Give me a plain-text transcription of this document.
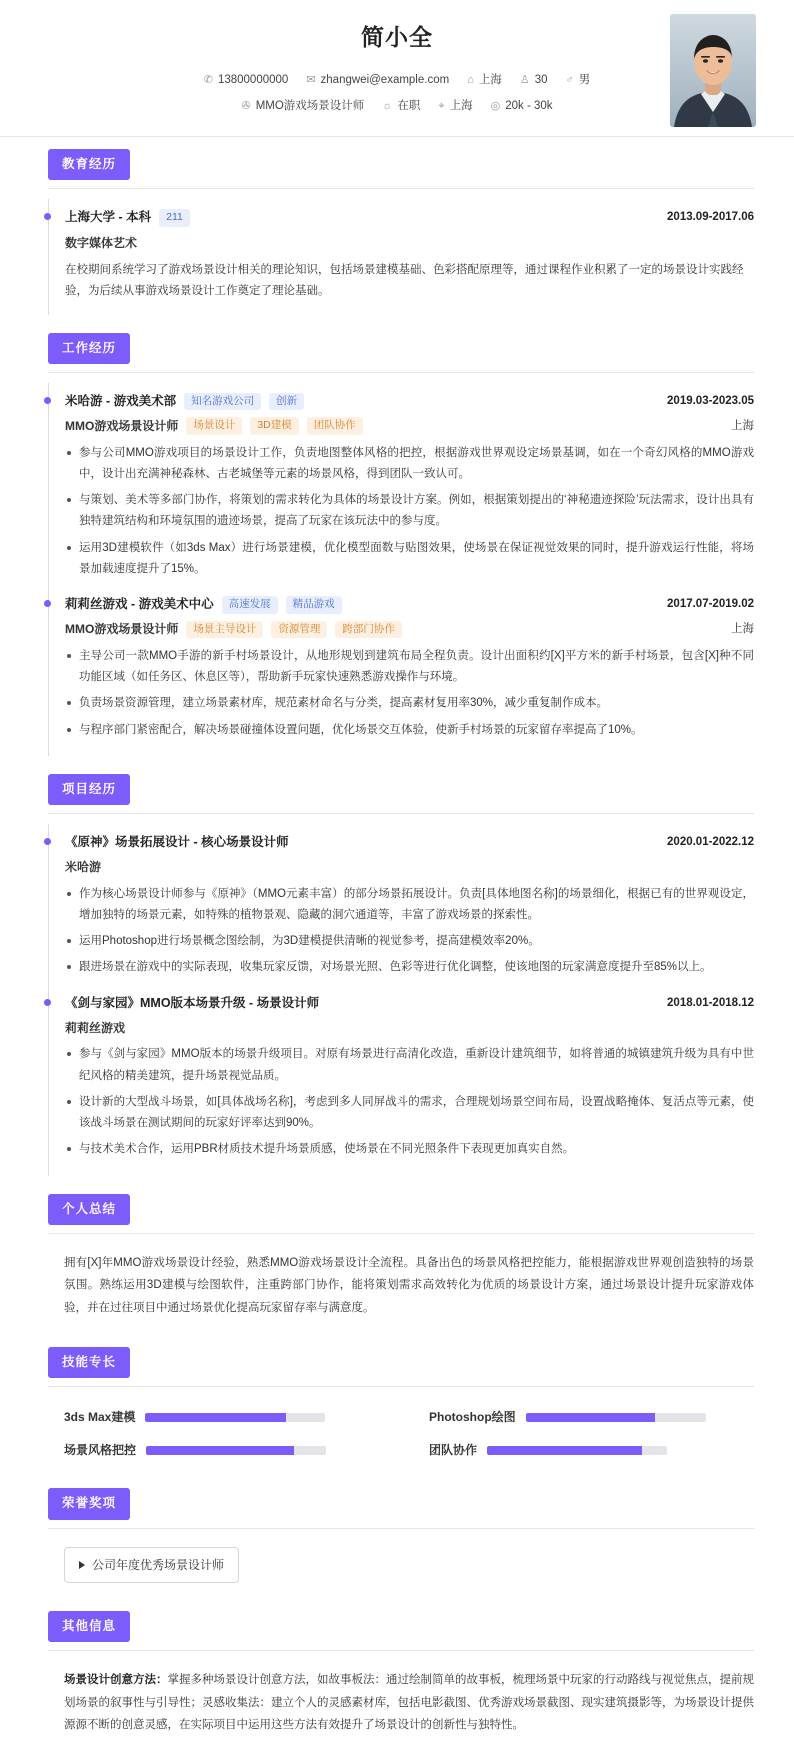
简小全
✆ 13800000000 ✉ zhangwei@example.com ⌂ 上海 ♙ 30 ♂ 男
✇ MMO游戏场景设计师 ☼ 在职 ⌖ 上海 ◎ 20k - 30k
教育经历
上海大学 - 本科	211	2013.09-2017.06
数字媒体艺术
在校期间系统学习了游戏场景设计相关的理论知识，包括场景建模基础、色彩搭配原理等，通过课程作业积累了一定的场景设计实践经验，为后续从事游戏场景设计工作奠定了理论基础。
工作经历
米哈游 - 游戏美术部	知名游戏公司	创新	2019.03-2023.05
MMO游戏场景设计师	场景设计	3D建模	团队协作	上海
参与公司MMO游戏项目的场景设计工作，负责地图整体风格的把控，根据游戏世界观设定场景基调，如在一个奇幻风格的MMO游戏中，设计出充满神秘森林、古老城堡等元素的场景风格，得到团队一致认可。
与策划、美术等多部门协作，将策划的需求转化为具体的场景设计方案。例如，根据策划提出的‘神秘遗迹探险’玩法需求，设计出具有独特建筑结构和环境氛围的遗迹场景，提高了玩家在该玩法中的参与度。
运用3D建模软件（如3ds Max）进行场景建模，优化模型面数与贴图效果，使场景在保证视觉效果的同时，提升游戏运行性能，将场景加载速度提升了15%。
莉莉丝游戏 - 游戏美术中心	高速发展	精品游戏	2017.07-2019.02
MMO游戏场景设计师	场景主导设计	资源管理	跨部门协作	上海
主导公司一款MMO手游的新手村场景设计，从地形规划到建筑布局全程负责。设计出面积约[X]平方米的新手村场景，包含[X]种不同功能区域（如任务区、休息区等），帮助新手玩家快速熟悉游戏操作与环境。
负责场景资源管理，建立场景素材库，规范素材命名与分类，提高素材复用率30%，减少重复制作成本。
与程序部门紧密配合，解决场景碰撞体设置问题，优化场景交互体验，使新手村场景的玩家留存率提高了10%。
项目经历
《原神》场景拓展设计 - 核心场景设计师	2020.01-2022.12
米哈游
作为核心场景设计师参与《原神》（MMO元素丰富）的部分场景拓展设计。负责[具体地图名称]的场景细化，根据已有的世界观设定，增加独特的场景元素，如特殊的植物景观、隐藏的洞穴通道等，丰富了游戏场景的探索性。
运用Photoshop进行场景概念图绘制，为3D建模提供清晰的视觉参考，提高建模效率20%。
跟进场景在游戏中的实际表现，收集玩家反馈，对场景光照、色彩等进行优化调整，使该地图的玩家满意度提升至85%以上。
《剑与家园》MMO版本场景升级 - 场景设计师	2018.01-2018.12
莉莉丝游戏
参与《剑与家园》MMO版本的场景升级项目。对原有场景进行高清化改造，重新设计建筑细节，如将普通的城镇建筑升级为具有中世纪风格的精美建筑，提升场景视觉品质。
设计新的大型战斗场景，如[具体战场名称]，考虑到多人同屏战斗的需求，合理规划场景空间布局，设置战略掩体、复活点等元素，使该战斗场景在测试期间的玩家好评率达到90%。
与技术美术合作，运用PBR材质技术提升场景质感，使场景在不同光照条件下表现更加真实自然。
个人总结
拥有[X]年MMO游戏场景设计经验，熟悉MMO游戏场景设计全流程。具备出色的场景风格把控能力，能根据游戏世界观创造独特的场景氛围。熟练运用3D建模与绘图软件，注重跨部门协作，能将策划需求高效转化为优质的场景设计方案，通过场景设计提升玩家游戏体验，并在过往项目中通过场景优化提高玩家留存率与满意度。
技能专长
3ds Max建模	Photoshop绘图
场景风格把控	团队协作
荣誉奖项
公司年度优秀场景设计师
其他信息
场景设计创意方法：掌握多种场景设计创意方法，如故事板法：通过绘制简单的故事板，梳理场景中玩家的行动路线与视觉焦点，提前规划场景的叙事性与引导性；灵感收集法：建立个人的灵感素材库，包括电影截图、优秀游戏场景截图、现实建筑摄影等，为场景设计提供源源不断的创意灵感，在实际项目中运用这些方法有效提升了场景设计的创新性与独特性。
